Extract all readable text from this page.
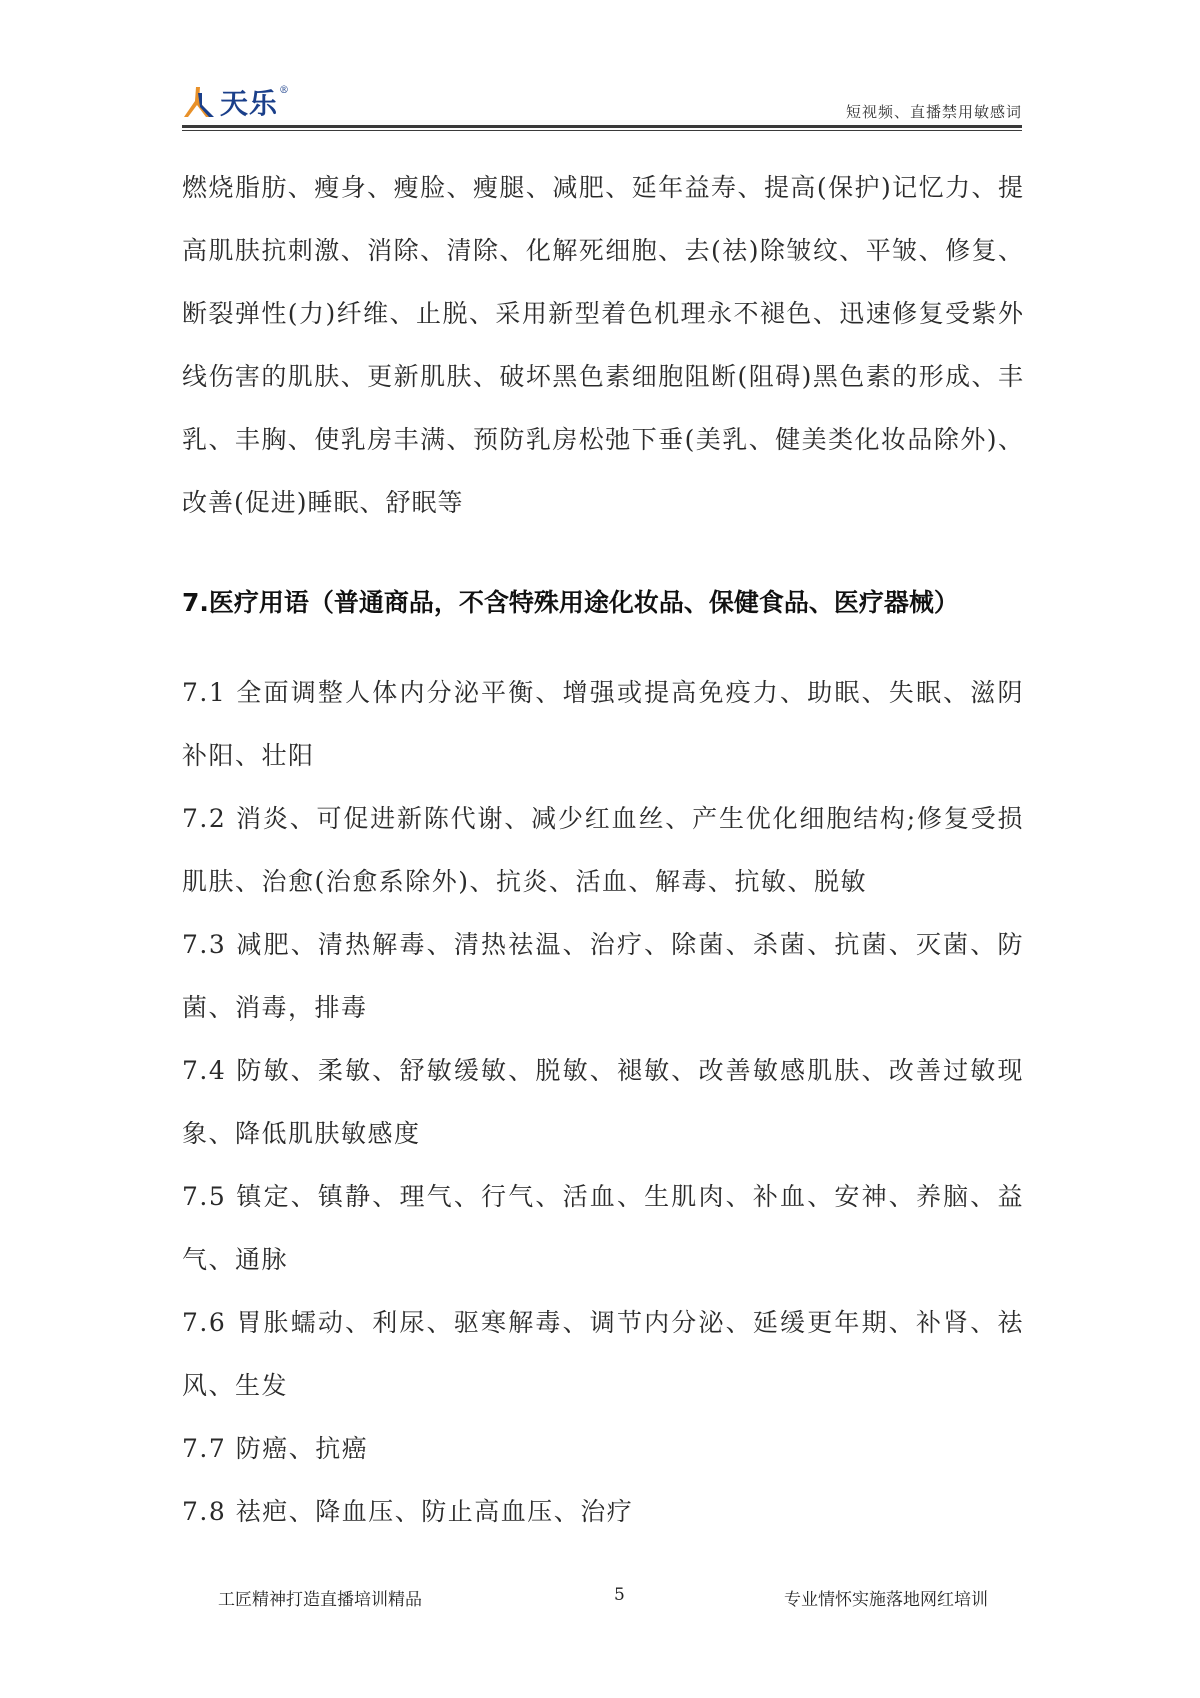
天乐 ®
短视频、直播禁用敏感词

燃烧脂肪、瘦身、瘦脸、瘦腿、减肥、延年益寿、提高(保护)记忆力、提高肌肤抗刺激、消除、清除、化解死细胞、去(祛)除皱纹、平皱、修复、断裂弹性(力)纤维、止脱、采用新型着色机理永不褪色、迅速修复受紫外线伤害的肌肤、更新肌肤、破坏黑色素细胞阻断(阻碍)黑色素的形成、丰乳、丰胸、使乳房丰满、预防乳房松弛下垂(美乳、健美类化妆品除外)、改善(促进)睡眠、舒眠等

7.医疗用语（普通商品，不含特殊用途化妆品、保健食品、医疗器械）

7.1 全面调整人体内分泌平衡、增强或提高免疫力、助眠、失眠、滋阴补阳、壮阳

7.2 消炎、可促进新陈代谢、减少红血丝、产生优化细胞结构;修复受损肌肤、治愈(治愈系除外)、抗炎、活血、解毒、抗敏、脱敏

7.3 减肥、清热解毒、清热祛温、治疗、除菌、杀菌、抗菌、灭菌、防菌、消毒，排毒

7.4 防敏、柔敏、舒敏缓敏、脱敏、褪敏、改善敏感肌肤、改善过敏现象、降低肌肤敏感度

7.5 镇定、镇静、理气、行气、活血、生肌肉、补血、安神、养脑、益气、通脉

7.6 胃胀蠕动、利尿、驱寒解毒、调节内分泌、延缓更年期、补肾、祛风、生发

7.7 防癌、抗癌

7.8 祛疤、降血压、防止高血压、治疗

工匠精神打造直播培训精品	5	专业情怀实施落地网红培训
